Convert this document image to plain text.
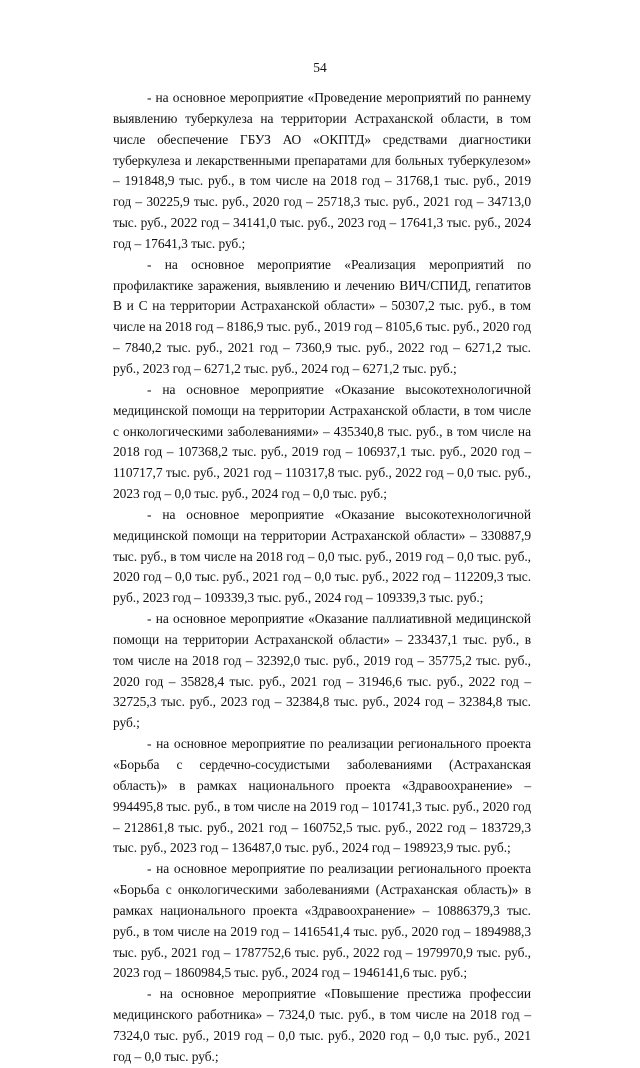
54

- на основное мероприятие «Проведение мероприятий по раннему выявлению туберкулеза на территории Астраханской области, в том числе обеспечение ГБУЗ АО «ОКПТД» средствами диагностики туберкулеза и лекарственными препаратами для больных туберкулезом» – 191848,9 тыс. руб., в том числе на 2018 год – 31768,1 тыс. руб., 2019 год – 30225,9 тыс. руб., 2020 год – 25718,3 тыс. руб., 2021 год – 34713,0 тыс. руб., 2022 год – 34141,0 тыс. руб., 2023 год – 17641,3 тыс. руб., 2024 год – 17641,3 тыс. руб.;

- на основное мероприятие «Реализация мероприятий по профилактике заражения, выявлению и лечению ВИЧ/СПИД, гепатитов В и С на территории Астраханской области» – 50307,2 тыс. руб., в том числе на 2018 год – 8186,9 тыс. руб., 2019 год – 8105,6 тыс. руб., 2020 год – 7840,2 тыс. руб., 2021 год – 7360,9 тыс. руб., 2022 год – 6271,2 тыс. руб., 2023 год – 6271,2 тыс. руб., 2024 год – 6271,2 тыс. руб.;

- на основное мероприятие «Оказание высокотехнологичной медицинской помощи на территории Астраханской области, в том числе с онкологическими заболеваниями» – 435340,8 тыс. руб., в том числе на 2018 год – 107368,2 тыс. руб., 2019 год – 106937,1 тыс. руб., 2020 год – 110717,7 тыс. руб., 2021 год – 110317,8 тыс. руб., 2022 год – 0,0 тыс. руб., 2023 год – 0,0 тыс. руб., 2024 год – 0,0 тыс. руб.;

- на основное мероприятие «Оказание высокотехнологичной медицинской помощи на территории Астраханской области» – 330887,9 тыс. руб., в том числе на 2018 год – 0,0 тыс. руб., 2019 год – 0,0 тыс. руб., 2020 год – 0,0 тыс. руб., 2021 год – 0,0 тыс. руб., 2022 год – 112209,3 тыс. руб., 2023 год – 109339,3 тыс. руб., 2024 год – 109339,3 тыс. руб.;

- на основное мероприятие «Оказание паллиативной медицинской помощи на территории Астраханской области» – 233437,1 тыс. руб., в том числе на 2018 год – 32392,0 тыс. руб., 2019 год – 35775,2 тыс. руб., 2020 год – 35828,4 тыс. руб., 2021 год – 31946,6 тыс. руб., 2022 год – 32725,3 тыс. руб., 2023 год – 32384,8 тыс. руб., 2024 год – 32384,8 тыс. руб.;

- на основное мероприятие по реализации регионального проекта «Борьба с сердечно-сосудистыми заболеваниями (Астраханская область)» в рамках национального проекта «Здравоохранение» – 994495,8 тыс. руб., в том числе на 2019 год – 101741,3 тыс. руб., 2020 год – 212861,8 тыс. руб., 2021 год – 160752,5 тыс. руб., 2022 год – 183729,3 тыс. руб., 2023 год – 136487,0 тыс. руб., 2024 год – 198923,9 тыс. руб.;

- на основное мероприятие по реализации регионального проекта «Борьба с онкологическими заболеваниями (Астраханская область)» в рамках национального проекта «Здравоохранение» – 10886379,3 тыс. руб., в том числе на 2019 год – 1416541,4 тыс. руб., 2020 год – 1894988,3 тыс. руб., 2021 год – 1787752,6 тыс. руб., 2022 год – 1979970,9 тыс. руб., 2023 год – 1860984,5 тыс. руб., 2024 год – 1946141,6 тыс. руб.;

- на основное мероприятие «Повышение престижа профессии медицинского работника» – 7324,0 тыс. руб., в том числе на 2018 год – 7324,0 тыс. руб., 2019 год – 0,0 тыс. руб., 2020 год – 0,0 тыс. руб., 2021 год – 0,0 тыс. руб.;
